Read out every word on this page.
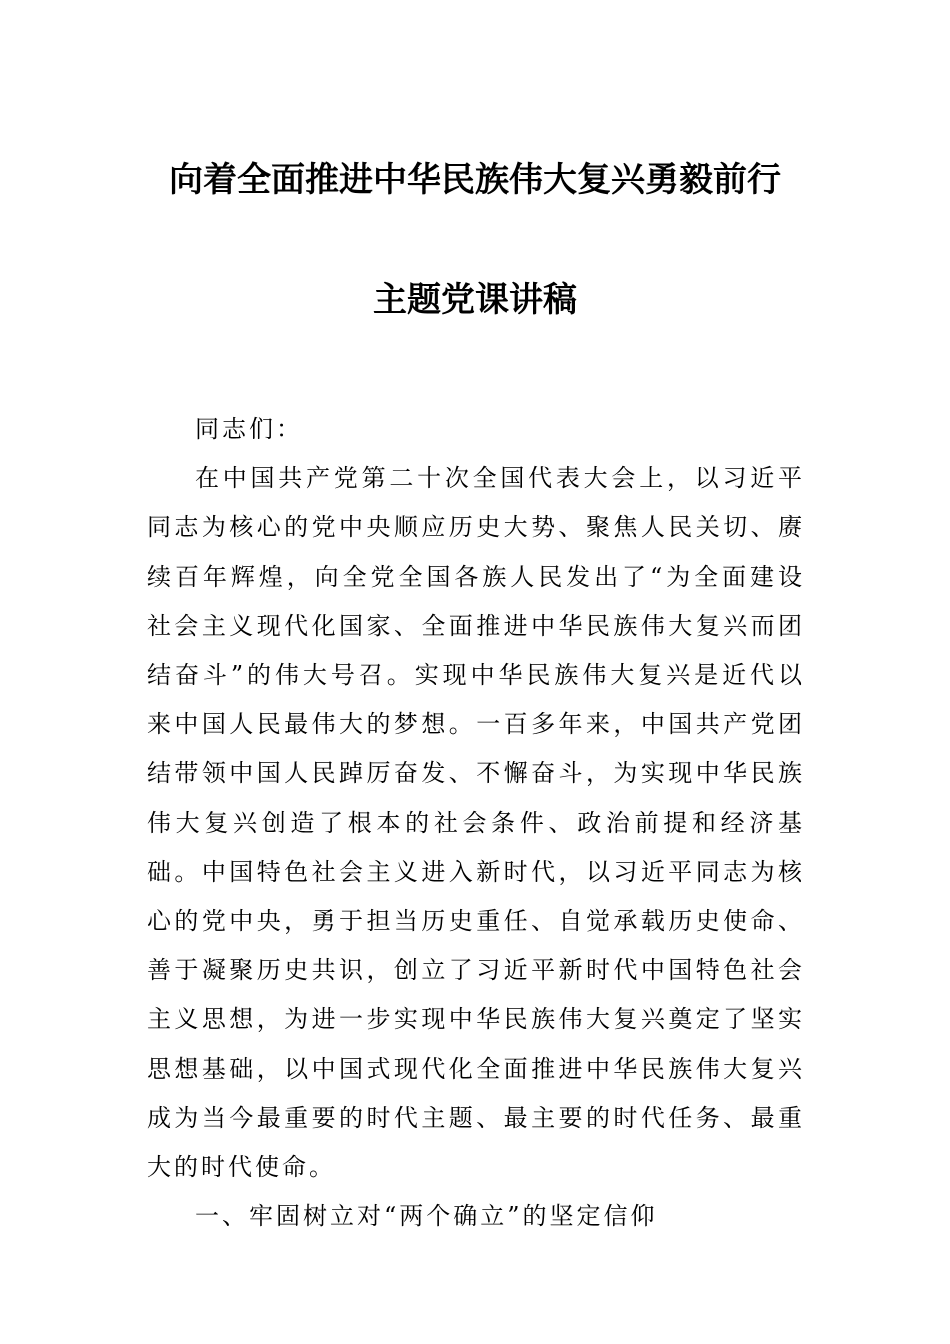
向着全面推进中华民族伟大复兴勇毅前行
主题党课讲稿

同志们：

在中国共产党第二十次全国代表大会上，以习近平同志为核心的党中央顺应历史大势、聚焦人民关切、赓续百年辉煌，向全党全国各族人民发出了“为全面建设社会主义现代化国家、全面推进中华民族伟大复兴而团结奋斗”的伟大号召。实现中华民族伟大复兴是近代以来中国人民最伟大的梦想。一百多年来，中国共产党团结带领中国人民踔厉奋发、不懈奋斗，为实现中华民族伟大复兴创造了根本的社会条件、政治前提和经济基础。中国特色社会主义进入新时代，以习近平同志为核心的党中央，勇于担当历史重任、自觉承载历史使命、善于凝聚历史共识，创立了习近平新时代中国特色社会主义思想，为进一步实现中华民族伟大复兴奠定了坚实思想基础，以中国式现代化全面推进中华民族伟大复兴成为当今最重要的时代主题、最主要的时代任务、最重大的时代使命。

一、牢固树立对“两个确立”的坚定信仰
